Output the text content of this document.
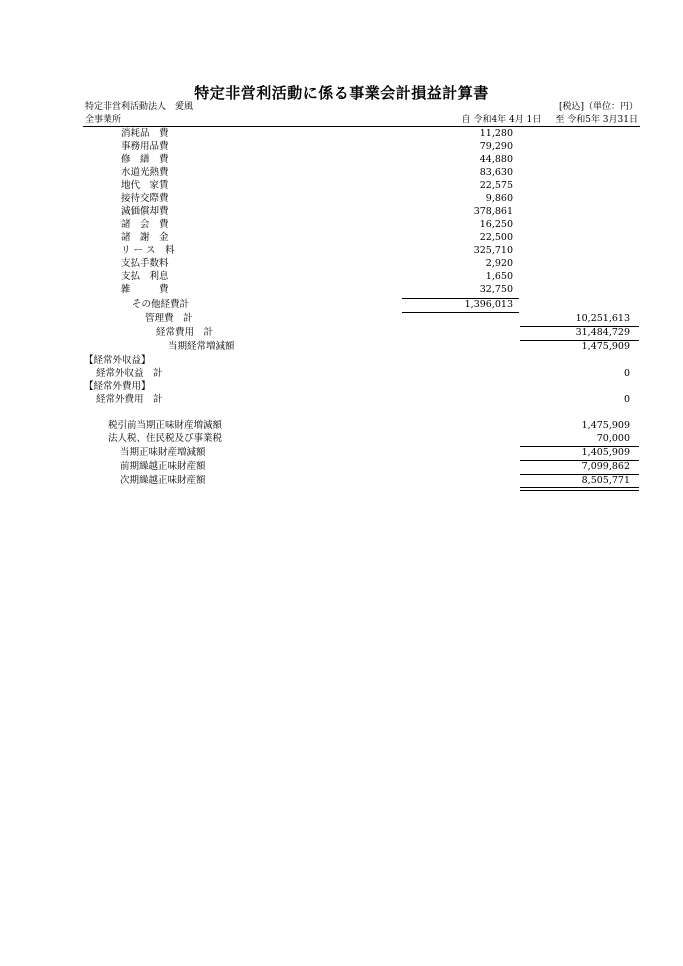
特定非営利活動に係る事業会計損益計算書
特定非営利活動法人　愛風	[税込]（単位：円）
全事業所	自 令和4年 4月 1日 至 令和5年 3月31日
消耗品　費	11,280
事務用品費	79,290
修　繕　費	44,880
水道光熱費	83,630
地代　家賃	22,575
接待交際費	9,860
減価償却費	378,861
諸　会　費	16,250
諸　謝　金	22,500
リ ー ス　料	325,710
支払手数料	2,920
支払　利息	1,650
雑　　　費	32,750
その他経費計	1,396,013
管理費　計	10,251,613
経常費用　計	31,484,729
当期経常増減額	1,475,909
【経常外収益】
経常外収益　計	0
【経常外費用】
経常外費用　計	0
税引前当期正味財産増減額	1,475,909
法人税、住民税及び事業税	70,000
当期正味財産増減額	1,405,909
前期繰越正味財産額	7,099,862
次期繰越正味財産額	8,505,771
